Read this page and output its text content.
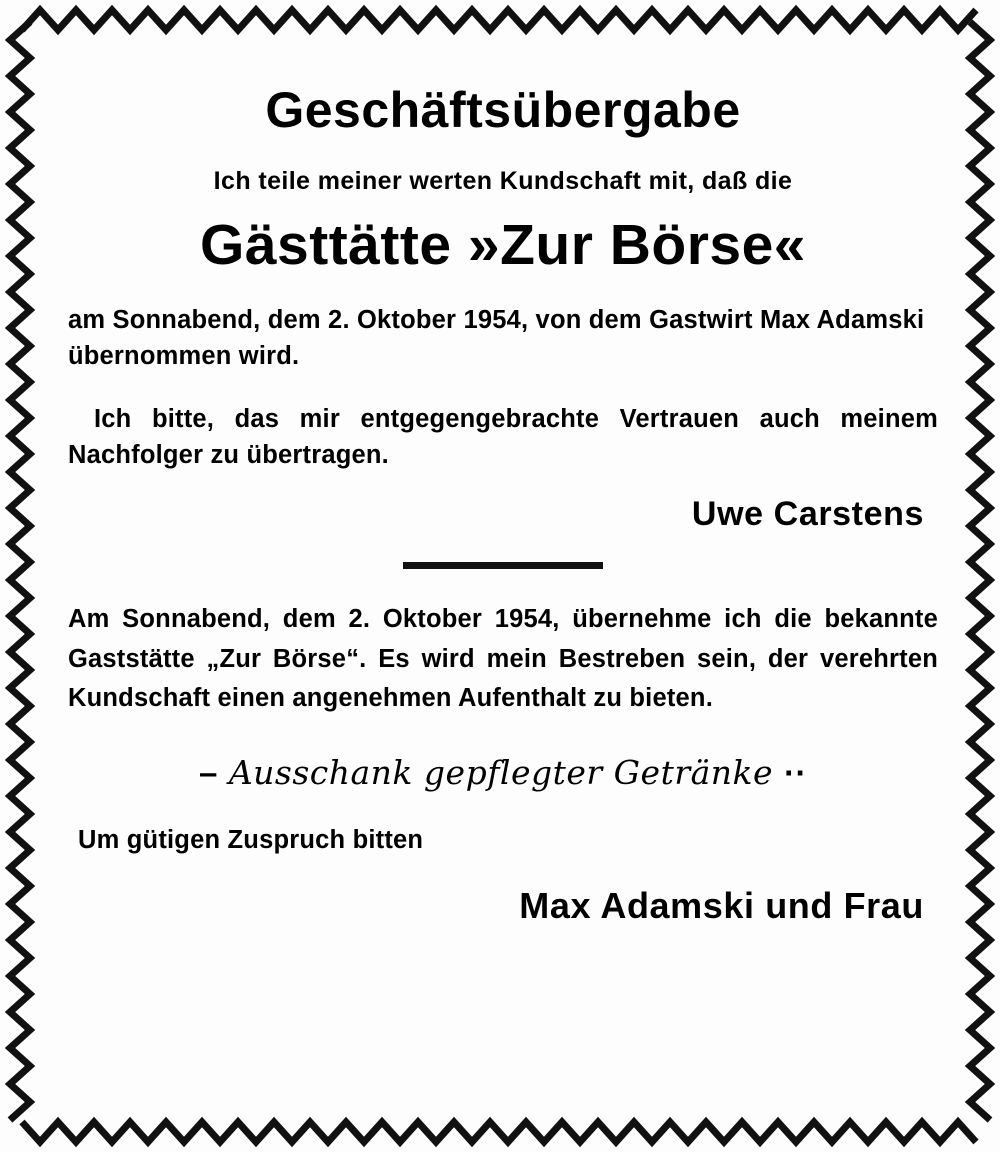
Geschäftsübergabe

Ich teile meiner werten Kundschaft mit, daß die

Gästtätte »Zur Börse«

am Sonnabend, dem 2. Oktober 1954, von dem Gastwirt Max Adamski übernommen wird.

Ich bitte, das mir entgegengebrachte Vertrauen auch meinem Nachfolger zu übertragen.

Uwe Carstens

Am Sonnabend, dem 2. Oktober 1954, übernehme ich die bekannte Gaststätte „Zur Börse“. Es wird mein Bestreben sein, der verehrten Kundschaft einen angenehmen Aufenthalt zu bieten.

– Ausschank gepflegter Getränke ··

Um gütigen Zuspruch bitten

Max Adamski und Frau
